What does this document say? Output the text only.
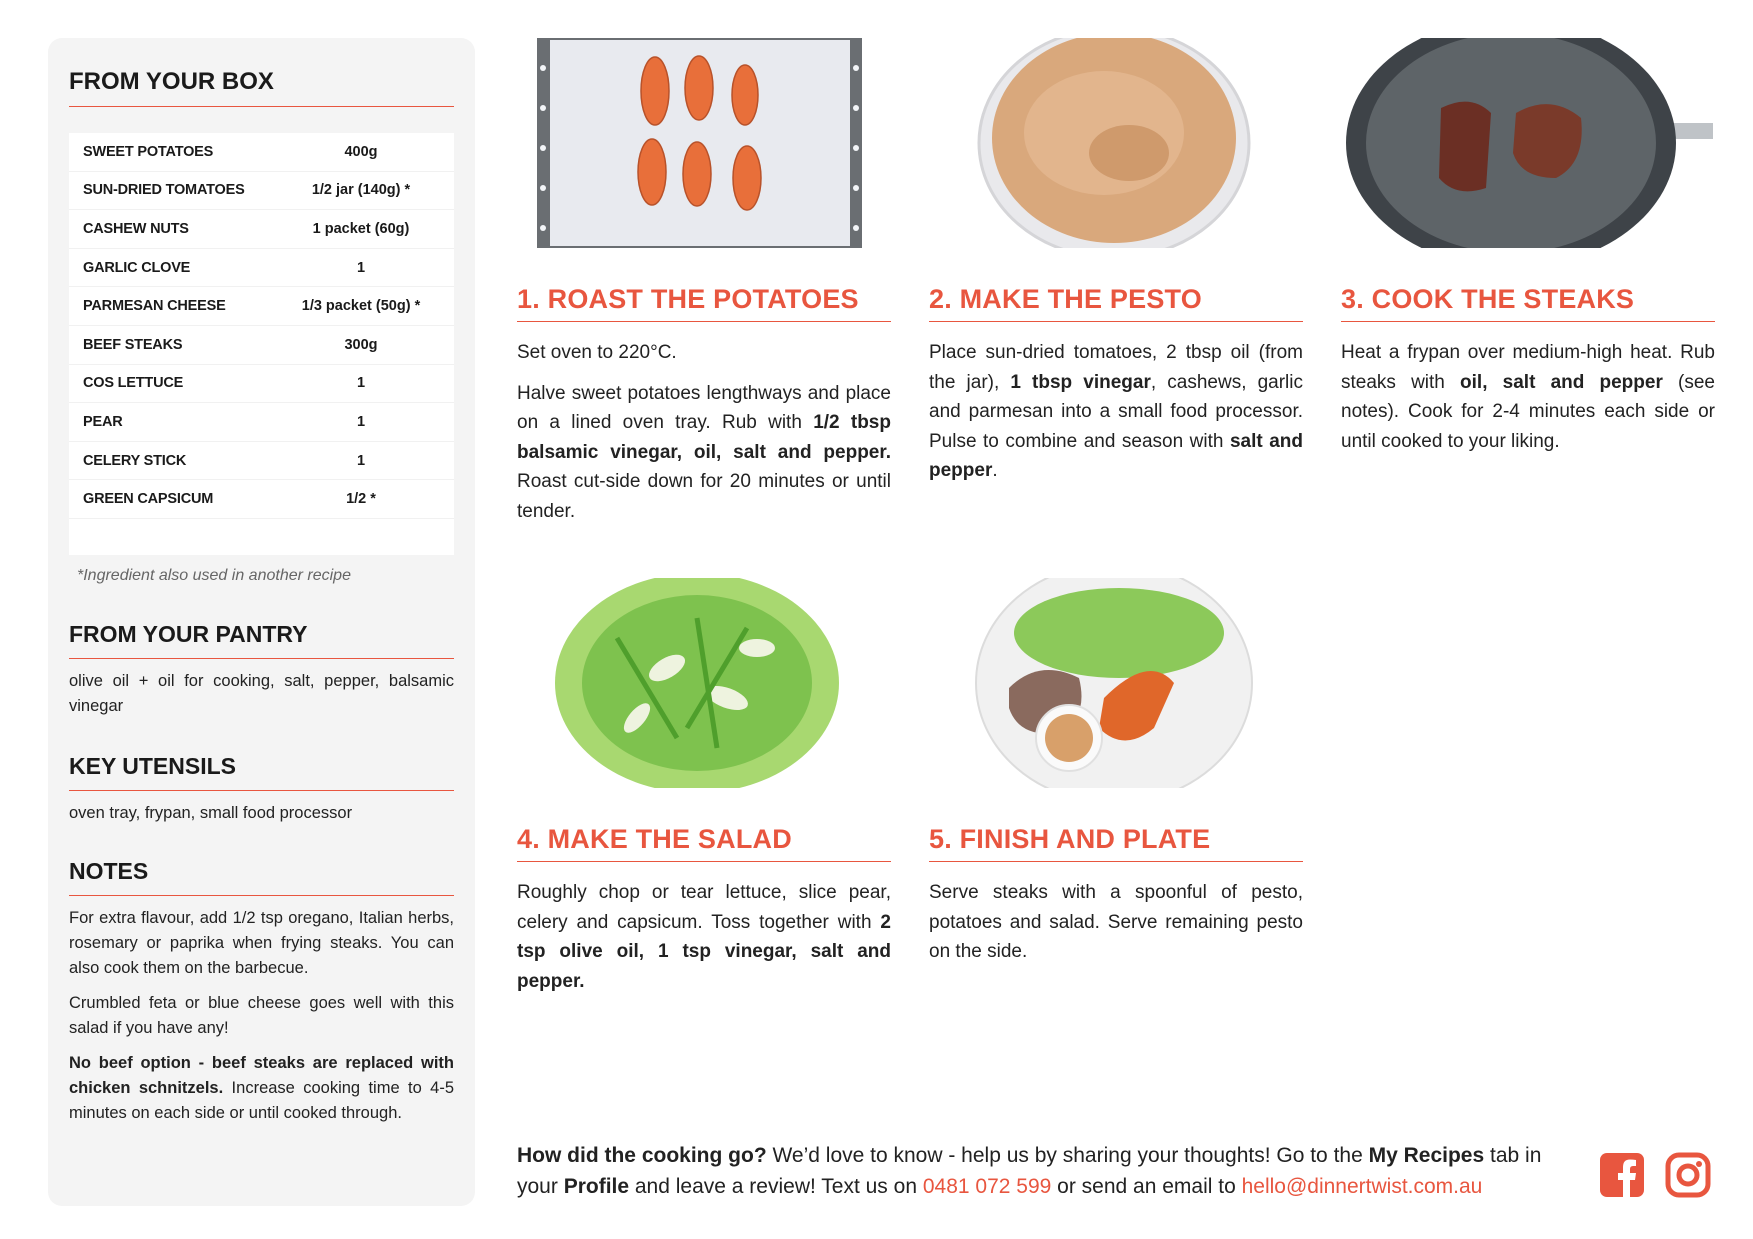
FROM YOUR BOX
SWEET POTATOES	400g
SUN-DRIED TOMATOES	1/2 jar (140g) *
CASHEW NUTS	1 packet (60g)
GARLIC CLOVE	1
PARMESAN CHEESE	1/3 packet (50g) *
BEEF STEAKS	300g
COS LETTUCE	1
PEAR	1
CELERY STICK	1
GREEN CAPSICUM	1/2 *
*Ingredient also used in another recipe
FROM YOUR PANTRY
olive oil + oil for cooking, salt, pepper, balsamic vinegar
KEY UTENSILS
oven tray, frypan, small food processor
NOTES

For extra flavour, add 1/2 tsp oregano, Italian herbs, rosemary or paprika when frying steaks. You can also cook them on the barbecue.

Crumbled feta or blue cheese goes well with this salad if you have any!

No beef option - beef steaks are replaced with chicken schnitzels. Increase cooking time to 4-5 minutes on each side or until cooked through.

1. ROAST THE POTATOES

Set oven to 220°C.

Halve sweet potatoes lengthways and place on a lined oven tray. Rub with 1/2 tbsp balsamic vinegar, oil, salt and pepper. Roast cut-side down for 20 minutes or until tender.

2. MAKE THE PESTO

Place sun-dried tomatoes, 2 tbsp oil (from the jar), 1 tbsp vinegar, cashews, garlic and parmesan into a small food processor. Pulse to combine and season with salt and pepper.

3. COOK THE STEAKS

Heat a frypan over medium-high heat. Rub steaks with oil, salt and pepper (see notes). Cook for 2-4 minutes each side or until cooked to your liking.

4. MAKE THE SALAD

Roughly chop or tear lettuce, slice pear, celery and capsicum. Toss together with 2 tsp olive oil, 1 tsp vinegar, salt and pepper.

5. FINISH AND PLATE

Serve steaks with a spoonful of pesto, potatoes and salad. Serve remaining pesto on the side.

How did the cooking go? We’d love to know - help us by sharing your thoughts! Go to the My Recipes tab in your Profile and leave a review! Text us on 0481 072 599 or send an email to hello@dinnertwist.com.au
